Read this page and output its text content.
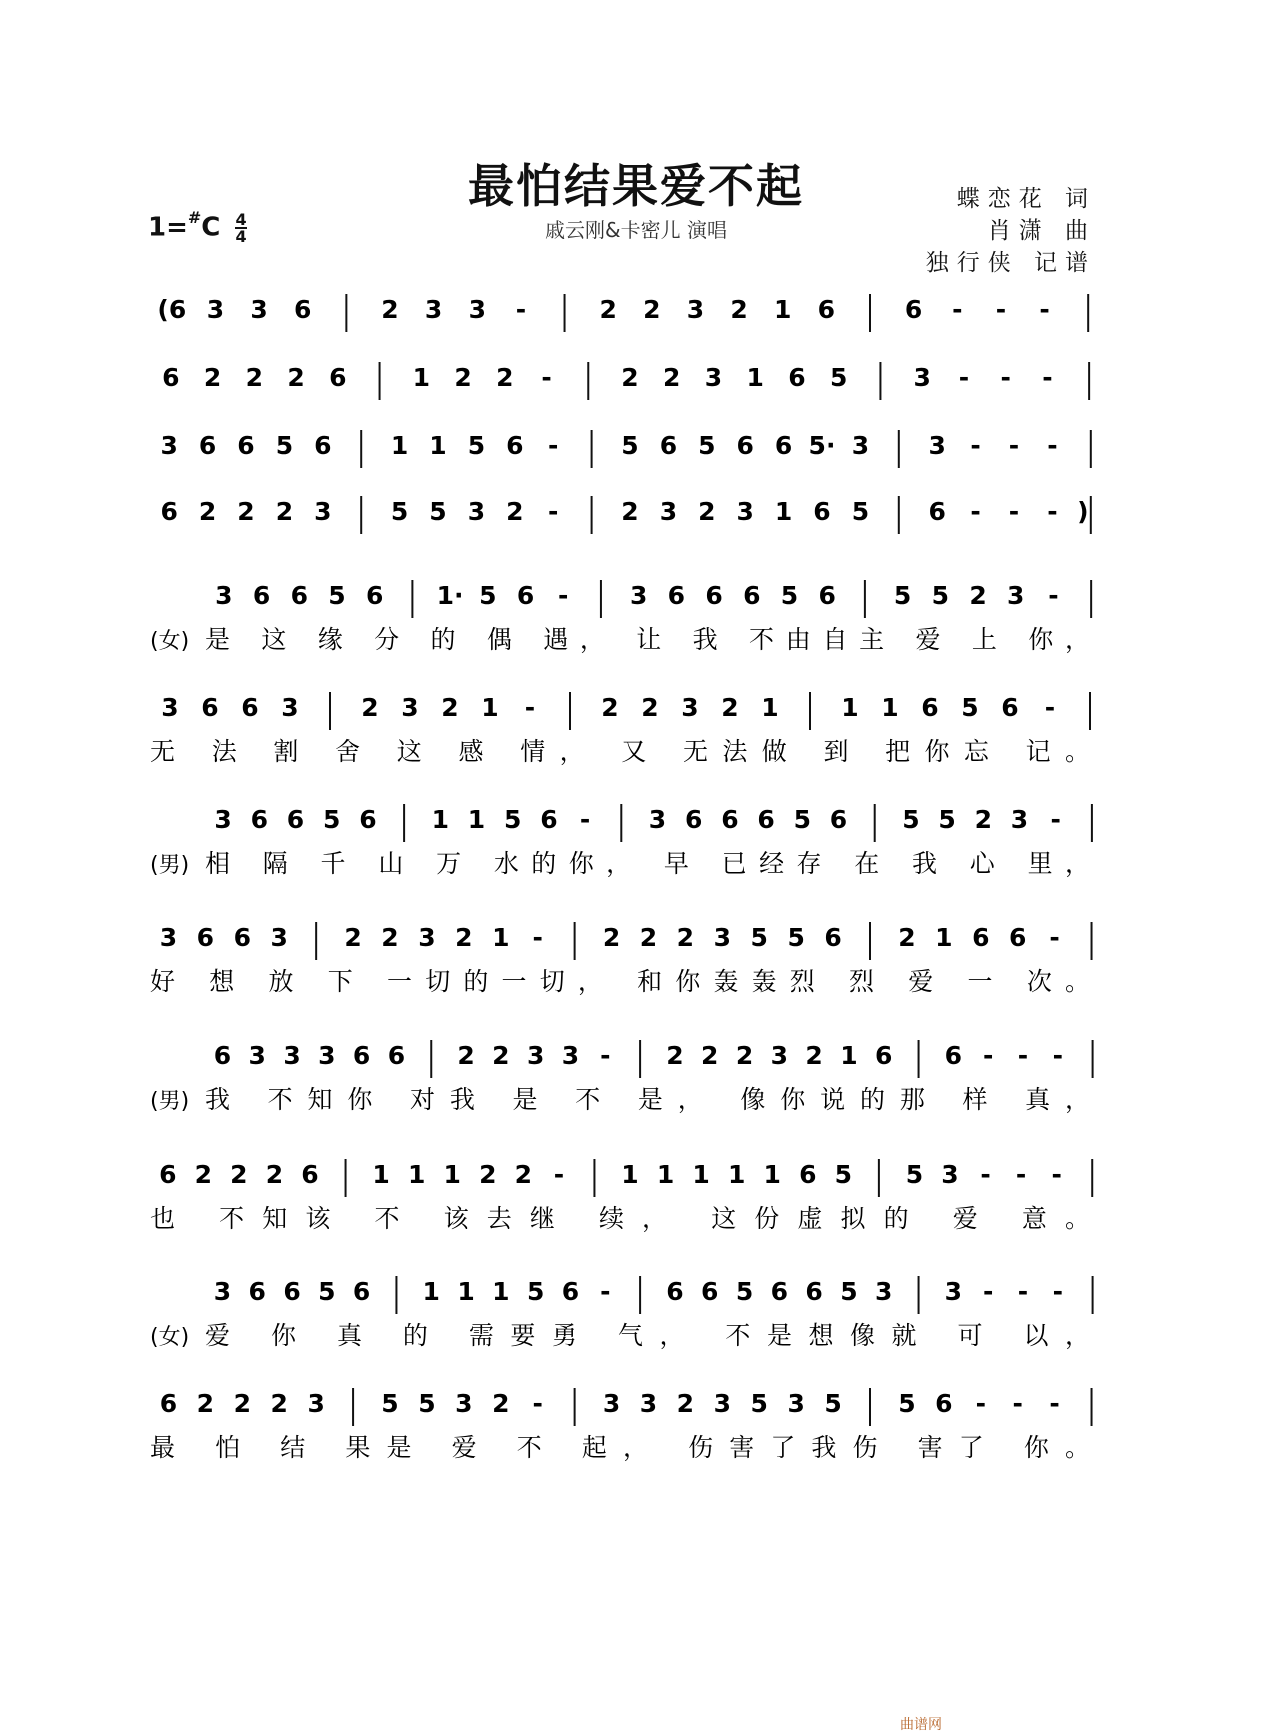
最怕结果爱不起
戚云刚&卡密儿 演唱
$1=^{\#}C \frac{4}{4}$
蝶恋花 词
肖潇 曲
独行侠 记谱
(6 3 3 6	2 3 3 -	2 2 3 2 1 6	6 - - -
6 2 2 2 6	1 2 2 -	2 2 3 1 6 5	3 - - -
3 6 6 5 6 1 1 5 6 -	5 6 5 6 6 5· 3 3 - - -
6 2 2 2 3 5 5 3 2 -	2 3 2 3 1 6 5 6 - - - )
3 6 6 5 6 1· 5 6 - 3 6 6 6 5 6 5 5 2 3 -
(女) 是 这 缘 分 的 偶 遇， 让 我 不由自主 爱 上 你，
3 6 6 3	2 3 2 1 -	2 2 3 2 1	1 1 6 5 6 -
无 法 割 舍 这 感 情， 又 无法做 到 把你忘 记。
3 6 6 5 6 1 1 5 6 - 3 6 6 6 5 6 5 5 2 3 -
(男) 相 隔 千 山 万 水的你， 早 已经存 在 我 心 里，
3 6 6 3 2 2 3 2 1 - 2 2 2 3 5 5 6 2 1 6 6 -
好 想 放 下 一切的一切， 和你轰轰烈 烈 爱 一 次。
6 3 3 3 6 6 2 2 3 3 - 2 2 2 3 2 1 6 6 - - -
(男) 我 不知你 对我 是 不 是， 像你说的那 样 真，
6 2 2 2 6 1 1 1 2 2 - 1 1 1 1 1 6 5 5 3 - - -
也 不知该 不 该去继 续， 这份虚拟的 爱 意。
3 6 6 5 6 1 1 1 5 6 - 6 6 5 6 6 5 3 3 - - -
(女) 爱 你 真 的 需要勇 气， 不是想像就 可 以，
6 2 2 2 3 5 5 3 2 - 3 3 2 3 5 3 5 5 6 - - -
最 怕 结 果是 爱 不 起， 伤害了我伤 害了 你。
曲谱网
